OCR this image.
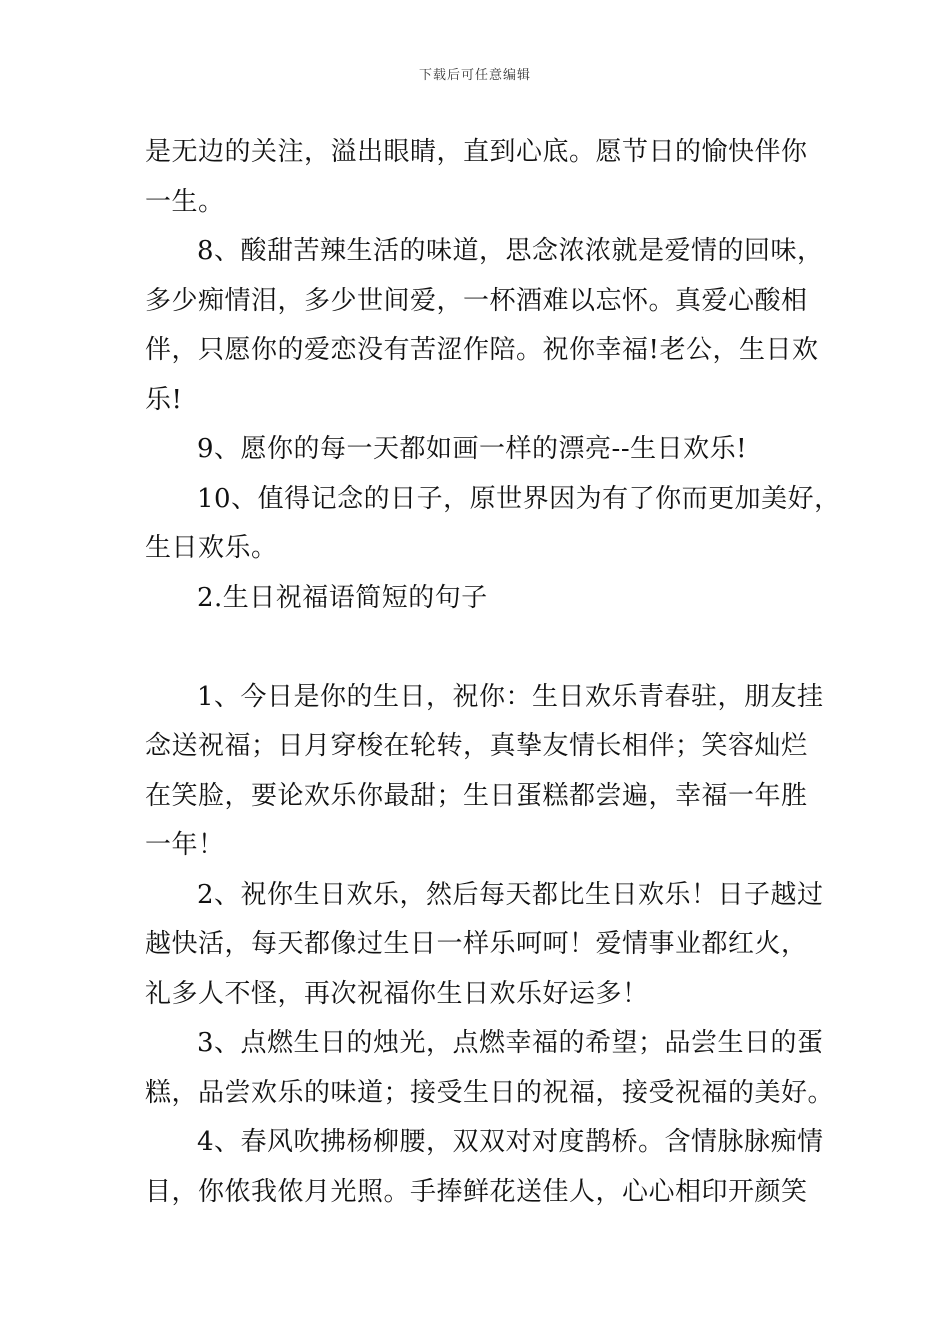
下载后可任意编辑
是无边的关注，溢出眼睛，直到心底。愿节日的愉快伴你
一生。
8、酸甜苦辣生活的味道，思念浓浓就是爱情的回味，
多少痴情泪，多少世间爱，一杯酒难以忘怀。真爱心酸相
伴，只愿你的爱恋没有苦涩作陪。祝你幸福!老公，生日欢
乐!
9、愿你的每一天都如画一样的漂亮--生日欢乐!
10、值得记念的日子，原世界因为有了你而更加美好，
生日欢乐。
2.生日祝福语简短的句子
1、今日是你的生日，祝你：生日欢乐青春驻，朋友挂
念送祝福；日月穿梭在轮转，真挚友情长相伴；笑容灿烂
在笑脸，要论欢乐你最甜；生日蛋糕都尝遍，幸福一年胜
一年！
2、祝你生日欢乐，然后每天都比生日欢乐！日子越过
越快活，每天都像过生日一样乐呵呵！爱情事业都红火，
礼多人不怪，再次祝福你生日欢乐好运多！
3、点燃生日的烛光，点燃幸福的希望；品尝生日的蛋
糕，品尝欢乐的味道；接受生日的祝福，接受祝福的美好。
4、春风吹拂杨柳腰，双双对对度鹊桥。含情脉脉痴情
目，你侬我侬月光照。手捧鲜花送佳人，心心相印开颜笑
